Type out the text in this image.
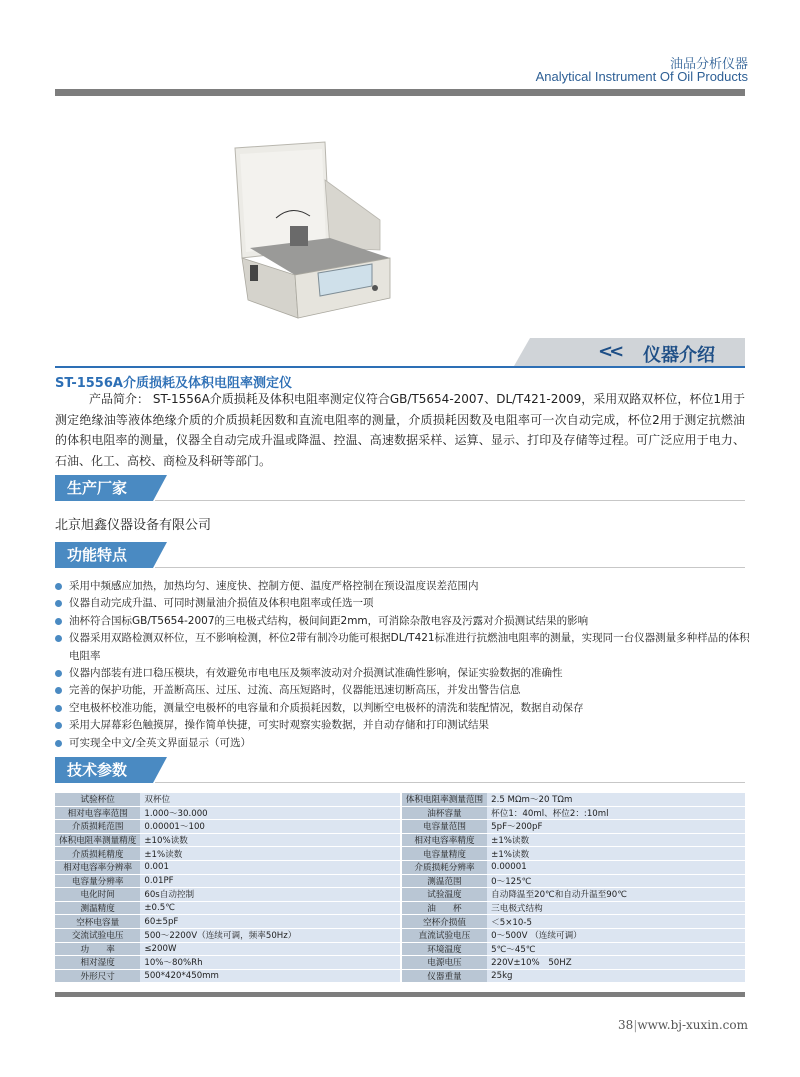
油品分析仪器
Analytical Instrument Of Oil Products
<< 仪器介绍
ST-1556A介质损耗及体积电阻率测定仪
产品简介： ST-1556A介质损耗及体积电阻率测定仪符合GB/T5654-2007、DL/T421-2009，采用双路双杯位，杯位1用于测定绝缘油等液体绝缘介质的介质损耗因数和直流电阻率的测量，介质损耗因数及电阻率可一次自动完成，杯位2用于测定抗燃油的体积电阻率的测量，仪器全自动完成升温或降温、控温、高速数据采样、运算、显示、打印及存储等过程。可广泛应用于电力、石油、化工、高校、商检及科研等部门。
生产厂家
北京旭鑫仪器设备有限公司
功能特点
采用中频感应加热，加热均匀、速度快、控制方便、温度严格控制在预设温度误差范围内
仪器自动完成升温、可同时测量油介损值及体积电阻率或任选一项
油杯符合国标GB/T5654-2007的三电极式结构，极间间距2mm，可消除杂散电容及污露对介损测试结果的影响
仪器采用双路检测双杯位，互不影响检测，杯位2带有制冷功能可根据DL/T421标准进行抗燃油电阻率的测量，实现同一台仪器测量多种样品的体积电阻率
仪器内部装有进口稳压模块，有效避免市电电压及频率波动对介损测试准确性影响，保证实验数据的准确性
完善的保护功能，开盖断高压、过压、过流、高压短路时，仪器能迅速切断高压，并发出警告信息
空电极杯校准功能，测量空电极杯的电容量和介质损耗因数，以判断空电极杯的清洗和装配情况，数据自动保存
采用大屏幕彩色触摸屏，操作简单快捷，可实时观察实验数据，并自动存储和打印测试结果
可实现全中文/全英文界面显示（可选）
技术参数
试验杯位	双杯位	体积电阻率测量范围	2.5 MΩm～20 TΩm
相对电容率范围	1.000～30.000	油杯容量	杯位1：40ml、杯位2：:10ml
介质损耗范围	0.00001～100	电容量范围	5pF～200pF
体积电阻率测量精度	±10%读数	相对电容率精度	±1%读数
介质损耗精度	±1%读数	电容量精度	±1%读数
相对电容率分辨率	0.001	介质损耗分辨率	0.00001
电容量分辨率	0.01PF	测温范围	0～125℃
电化时间	60s自动控制	试验温度	自动降温至20℃和自动升温至90℃
测温精度	±0.5℃	油　　杯	三电极式结构
空杯电容量	60±5pF	空杯介损值	＜5×10-5
交流试验电压	500～2200V（连续可调，频率50Hz）	直流试验电压	0～500V （连续可调）
功　　率	≤200W	环境温度	5℃～45℃
相对湿度	10%～80%Rh	电源电压	220V±10%　50HZ
外形尺寸	500*420*450mm	仪器重量	25kg
38|www.bj-xuxin.com
